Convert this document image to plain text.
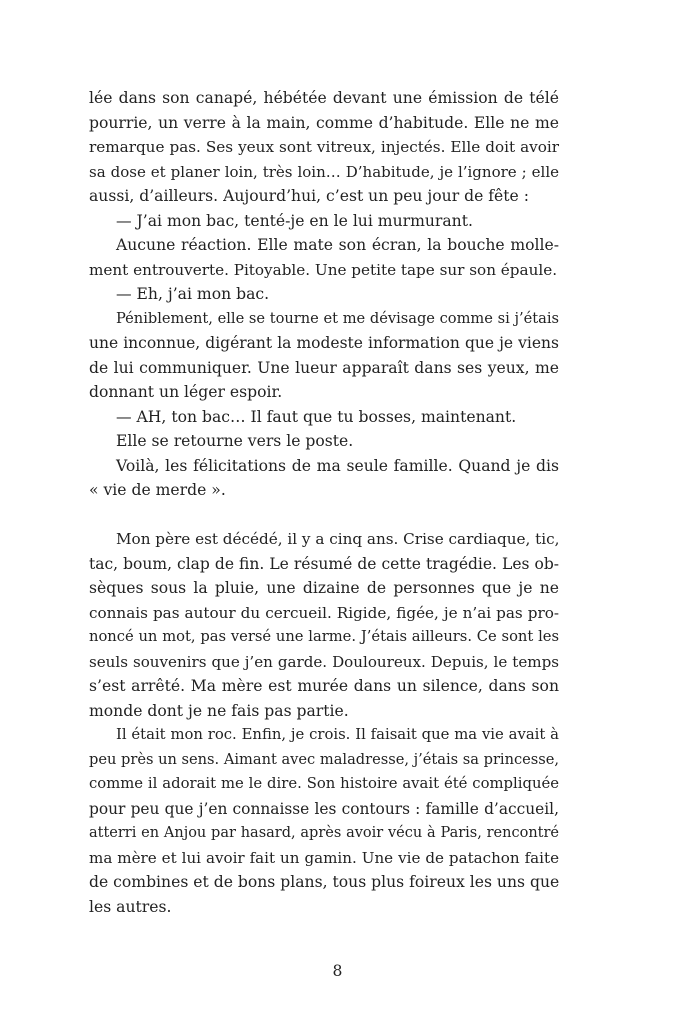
lée dans son canapé, hébétée devant une émission de télé
pourrie, un verre à la main, comme d’habitude. Elle ne me
remarque pas. Ses yeux sont vitreux, injectés. Elle doit avoir
sa dose et planer loin, très loin… D’habitude, je l’ignore ; elle
aussi, d’ailleurs. Aujourd’hui, c’est un peu jour de fête :
— J’ai mon bac, tenté-je en le lui murmurant.
Aucune réaction. Elle mate son écran, la bouche molle-
ment entrouverte. Pitoyable. Une petite tape sur son épaule.
— Eh, j’ai mon bac.
Péniblement, elle se tourne et me dévisage comme si j’étais
une inconnue, digérant la modeste information que je viens
de lui communiquer. Une lueur apparaît dans ses yeux, me
donnant un léger espoir.
— AH, ton bac… Il faut que tu bosses, maintenant.
Elle se retourne vers le poste.
Voilà, les félicitations de ma seule famille. Quand je dis
« vie de merde ».
Mon père est décédé, il y a cinq ans. Crise cardiaque, tic,
tac, boum, clap de fin. Le résumé de cette tragédie. Les ob-
sèques sous la pluie, une dizaine de personnes que je ne
connais pas autour du cercueil. Rigide, figée, je n’ai pas pro-
noncé un mot, pas versé une larme. J’étais ailleurs. Ce sont les
seuls souvenirs que j’en garde. Douloureux. Depuis, le temps
s’est arrêté. Ma mère est murée dans un silence, dans son
monde dont je ne fais pas partie.
Il était mon roc. Enfin, je crois. Il faisait que ma vie avait à
peu près un sens. Aimant avec maladresse, j’étais sa princesse,
comme il adorait me le dire. Son histoire avait été compliquée
pour peu que j’en connaisse les contours : famille d’accueil,
atterri en Anjou par hasard, après avoir vécu à Paris, rencontré
ma mère et lui avoir fait un gamin. Une vie de patachon faite
de combines et de bons plans, tous plus foireux les uns que
les autres.
8
